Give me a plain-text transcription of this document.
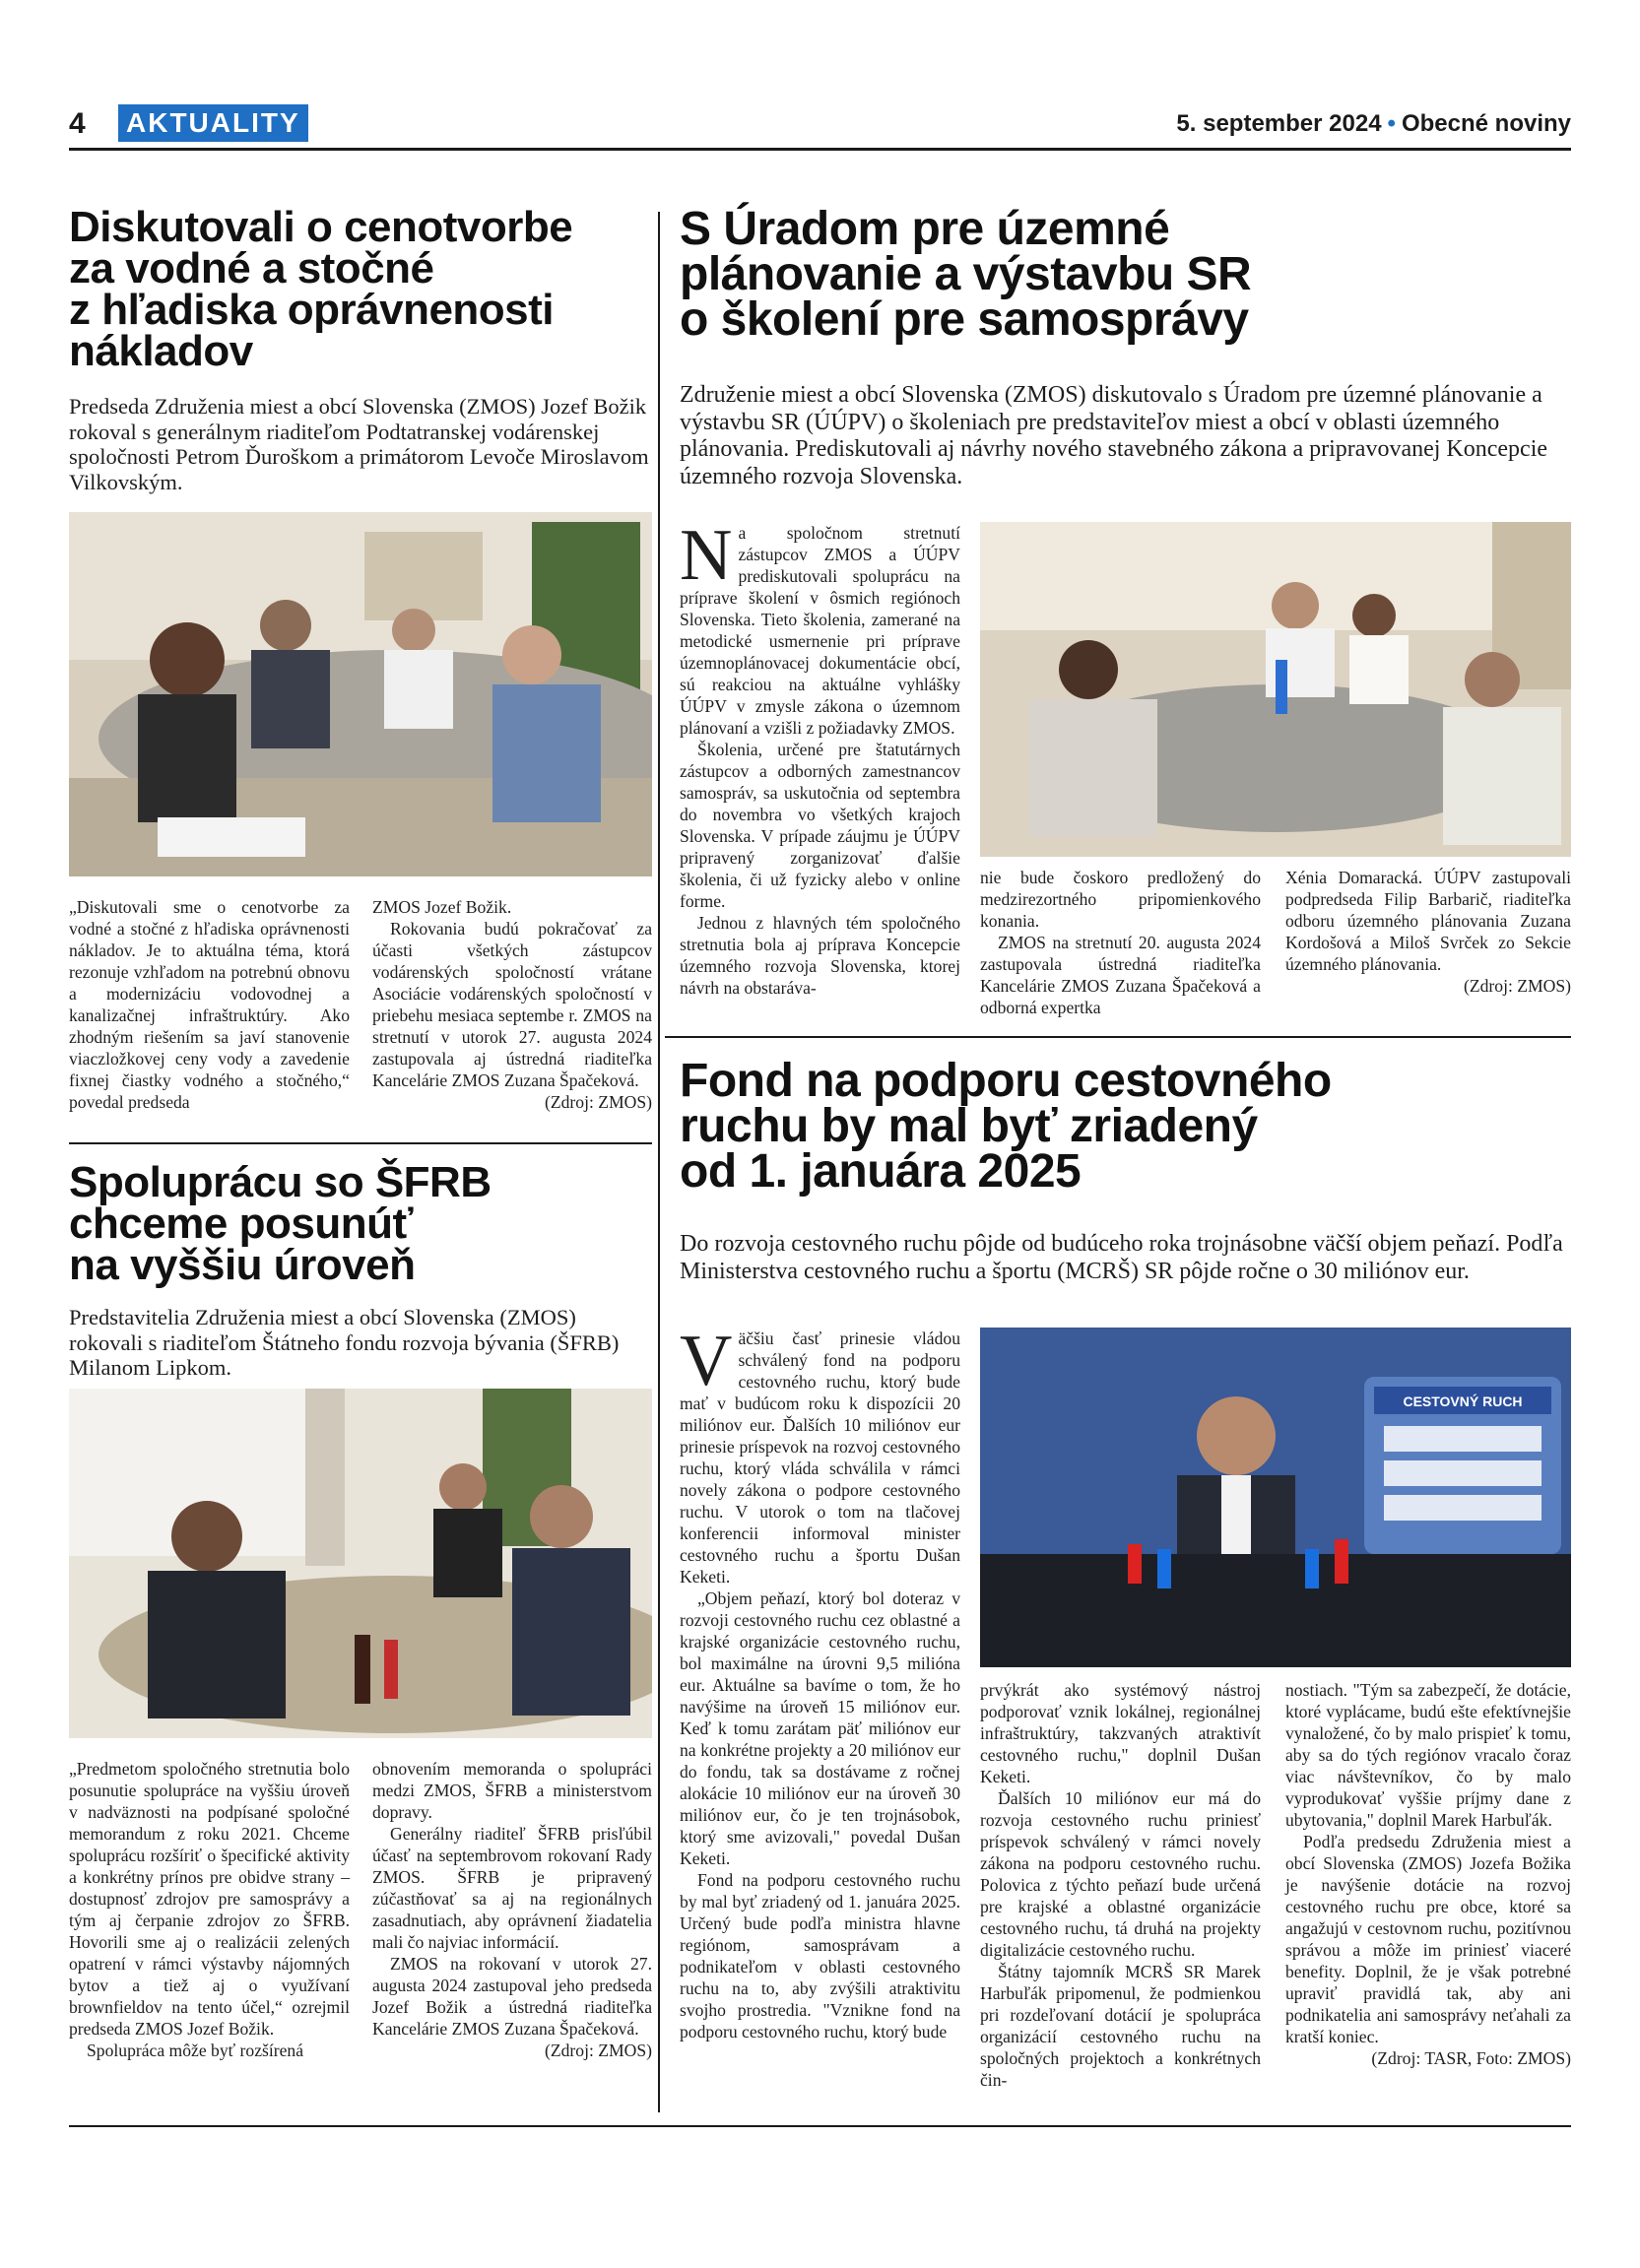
4 AKTUALITY	5. september 2024 • Obecné noviny
Diskutovali o cenotvorbe
za vodné a stočné
z hľadiska oprávnenosti
nákladov
Predseda Združenia miest a obcí Slovenska (ZMOS) Jozef Božik rokoval s generálnym riaditeľom Podtatranskej vodárenskej spoločnosti Petrom Ďuroškom a primátorom Levoče Miroslavom Vilkovským.

„Diskutovali sme o cenotvorbe za vodné a stočné z hľadiska oprávnenosti nákladov. Je to aktuálna téma, ktorá rezonuje vzhľadom na potrebnú obnovu a modernizáciu vodovodnej a kanalizačnej infraštruktúry. Ako zhodným riešením sa javí stanovenie viaczložkovej ceny vody a zavedenie fixnej čiastky vodného a stočného,“ povedal predseda

ZMOS Jozef Božik.

Rokovania budú pokračovať za účasti všetkých zástupcov vodárenských spoločností vrátane Asociácie vodárenských spoločností v priebehu mesiaca septembe r. ZMOS na stretnutí v utorok 27. augusta 2024 zastupovala aj ústredná riaditeľka Kancelárie ZMOS Zuzana Špačeková.

(Zdroj: ZMOS)

Spoluprácu so ŠFRB
chceme posunúť
na vyššiu úroveň
Predstavitelia Združenia miest a obcí Slovenska (ZMOS) rokovali s riaditeľom Štátneho fondu rozvoja bývania (ŠFRB) Milanom Lipkom.

„Predmetom spoločného stretnutia bolo posunutie spolupráce na vyššiu úroveň v nadväznosti na podpísané spoločné memorandum z roku 2021. Chceme spoluprácu rozšíriť o špecifické aktivity a konkrétny prínos pre obidve strany – dostupnosť zdrojov pre samosprávy a tým aj čerpanie zdrojov zo ŠFRB. Hovorili sme aj o realizácii zelených opatrení v rámci výstavby nájomných bytov a tiež aj o využívaní brownfieldov na tento účel,“ ozrejmil predseda ZMOS Jozef Božik.

Spolupráca môže byť rozšírená

obnovením memoranda o spolupráci medzi ZMOS, ŠFRB a ministerstvom dopravy.

Generálny riaditeľ ŠFRB prisľúbil účasť na septembrovom rokovaní Rady ZMOS. ŠFRB je pripravený zúčastňovať sa aj na regionálnych zasadnutiach, aby oprávnení žiadatelia mali čo najviac informácií.

ZMOS na rokovaní v utorok 27. augusta 2024 zastupoval jeho predseda Jozef Božik a ústredná riaditeľka Kancelárie ZMOS Zuzana Špačeková.

(Zdroj: ZMOS)

S Úradom pre územné
plánovanie a výstavbu SR
o školení pre samosprávy
Združenie miest a obcí Slovenska (ZMOS) diskutovalo s Úradom pre územné plánovanie a výstavbu SR (ÚÚPV) o školeniach pre predstaviteľov miest a obcí v oblasti územného plánovania. Prediskutovali aj návrhy nového stavebného zákona a pripravovanej Koncepcie územného rozvoja Slovenska.

Na spoločnom stretnutí zástupcov ZMOS a ÚÚPV prediskutovali spoluprácu na príprave školení v ôsmich regiónoch Slovenska. Tieto školenia, zamerané na metodické usmernenie pri príprave územnoplánovacej dokumentácie obcí, sú reakciou na aktuálne vyhlášky ÚÚPV v zmysle zákona o územnom plánovaní a vzišli z požiadavky ZMOS.

Školenia, určené pre štatutárnych zástupcov a odborných zamestnancov samospráv, sa uskutočnia od septembra do novembra vo všetkých krajoch Slovenska. V prípade záujmu je ÚÚPV pripravený zorganizovať ďalšie školenia, či už fyzicky alebo v online forme.

Jednou z hlavných tém spoločného stretnutia bola aj príprava Koncepcie územného rozvoja Slovenska, ktorej návrh na obstaráva-

nie bude čoskoro predložený do medzirezortného pripomienkového konania.

ZMOS na stretnutí 20. augusta 2024 zastupovala ústredná riaditeľka Kancelárie ZMOS Zuzana Špačeková a odborná expertka

Xénia Domaracká. ÚÚPV zastupovali podpredseda Filip Barbarič, riaditeľka odboru územného plánovania Zuzana Kordošová a Miloš Svrček zo Sekcie územného plánovania.

(Zdroj: ZMOS)

Fond na podporu cestovného
ruchu by mal byť zriadený
od 1. januára 2025
Do rozvoja cestovného ruchu pôjde od budúceho roka trojnásobne väčší objem peňazí. Podľa Ministerstva cestovného ruchu a športu (MCRŠ) SR pôjde ročne o 30 miliónov eur.

Väčšiu časť prinesie vládou schválený fond na podporu cestovného ruchu, ktorý bude mať v budúcom roku k dispozícii 20 miliónov eur. Ďalších 10 miliónov eur prinesie príspevok na rozvoj cestovného ruchu, ktorý vláda schválila v rámci novely zákona o podpore cestovného ruchu. V utorok o tom na tlačovej konferencii informoval minister cestovného ruchu a športu Dušan Keketi.

„Objem peňazí, ktorý bol doteraz v rozvoji cestovného ruchu cez oblastné a krajské organizácie cestovného ruchu, bol maximálne na úrovni 9,5 milióna eur. Aktuálne sa bavíme o tom, že ho navýšime na úroveň 15 miliónov eur. Keď k tomu zarátam päť miliónov eur na konkrétne projekty a 20 miliónov eur do fondu, tak sa dostávame z ročnej alokácie 10 miliónov eur na úroveň 30 miliónov eur, čo je ten trojnásobok, ktorý sme avizovali," povedal Dušan Keketi.

Fond na podporu cestovného ruchu by mal byť zriadený od 1. januára 2025. Určený bude podľa ministra hlavne regiónom, samosprávam a podnikateľom v oblasti cestovného ruchu na to, aby zvýšili atraktivitu svojho prostredia. "Vznikne fond na podporu cestovného ruchu, ktorý bude

CESTOVNÝ RUCH

prvýkrát ako systémový nástroj podporovať vznik lokálnej, regionálnej infraštruktúry, takzvaných atraktivít cestovného ruchu," doplnil Dušan Keketi.

Ďalších 10 miliónov eur má do rozvoja cestovného ruchu priniesť príspevok schválený v rámci novely zákona na podporu cestovného ruchu. Polovica z týchto peňazí bude určená pre krajské a oblastné organizácie cestovného ruchu, tá druhá na projekty digitalizácie cestovného ruchu.

Štátny tajomník MCRŠ SR Marek Harbuľák pripomenul, že podmienkou pri rozdeľovaní dotácií je spolupráca organizácií cestovného ruchu na spoločných projektoch a konkrétnych čin-

nostiach. "Tým sa zabezpečí, že dotácie, ktoré vyplácame, budú ešte efektívnejšie vynaložené, čo by malo prispieť k tomu, aby sa do tých regiónov vracalo čoraz viac návštevníkov, čo by malo vyprodukovať vyššie príjmy dane z ubytovania," doplnil Marek Harbuľák.

Podľa predsedu Združenia miest a obcí Slovenska (ZMOS) Jozefa Božika je navýšenie dotácie na rozvoj cestovného ruchu pre obce, ktoré sa angažujú v cestovnom ruchu, pozitívnou správou a môže im priniesť viaceré benefity. Doplnil, že je však potrebné upraviť pravidlá tak, aby ani podnikatelia ani samosprávy neťahali za kratší koniec.

(Zdroj: TASR, Foto: ZMOS)
